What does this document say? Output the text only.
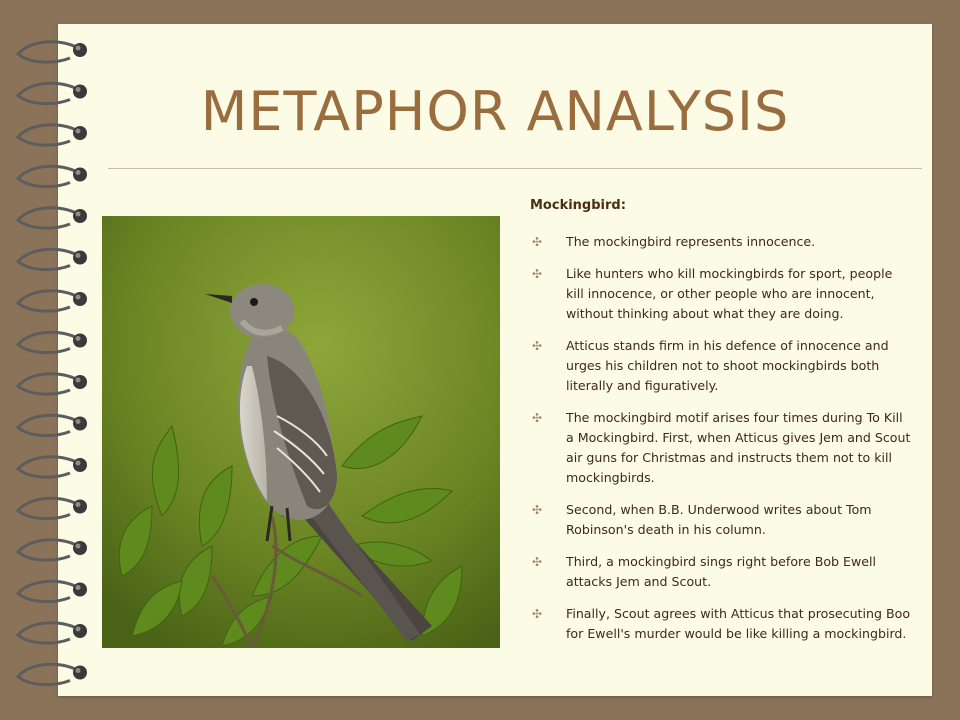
METAPHOR ANALYSIS
Mockingbird:
✣ The mockingbird represents innocence.
✣ Like hunters who kill mockingbirds for sport, people kill innocence, or other people who are innocent, without thinking about what they are doing.
✣ Atticus stands firm in his defence of innocence and urges his children not to shoot mockingbirds both literally and figuratively.
✣ The mockingbird motif arises four times during To Kill a Mockingbird. First, when Atticus gives Jem and Scout air guns for Christmas and instructs them not to kill mockingbirds.
✣ Second, when B.B. Underwood writes about Tom Robinson's death in his column.
✣ Third, a mockingbird sings right before Bob Ewell attacks Jem and Scout.
✣ Finally, Scout agrees with Atticus that prosecuting Boo for Ewell's murder would be like killing a mockingbird.
